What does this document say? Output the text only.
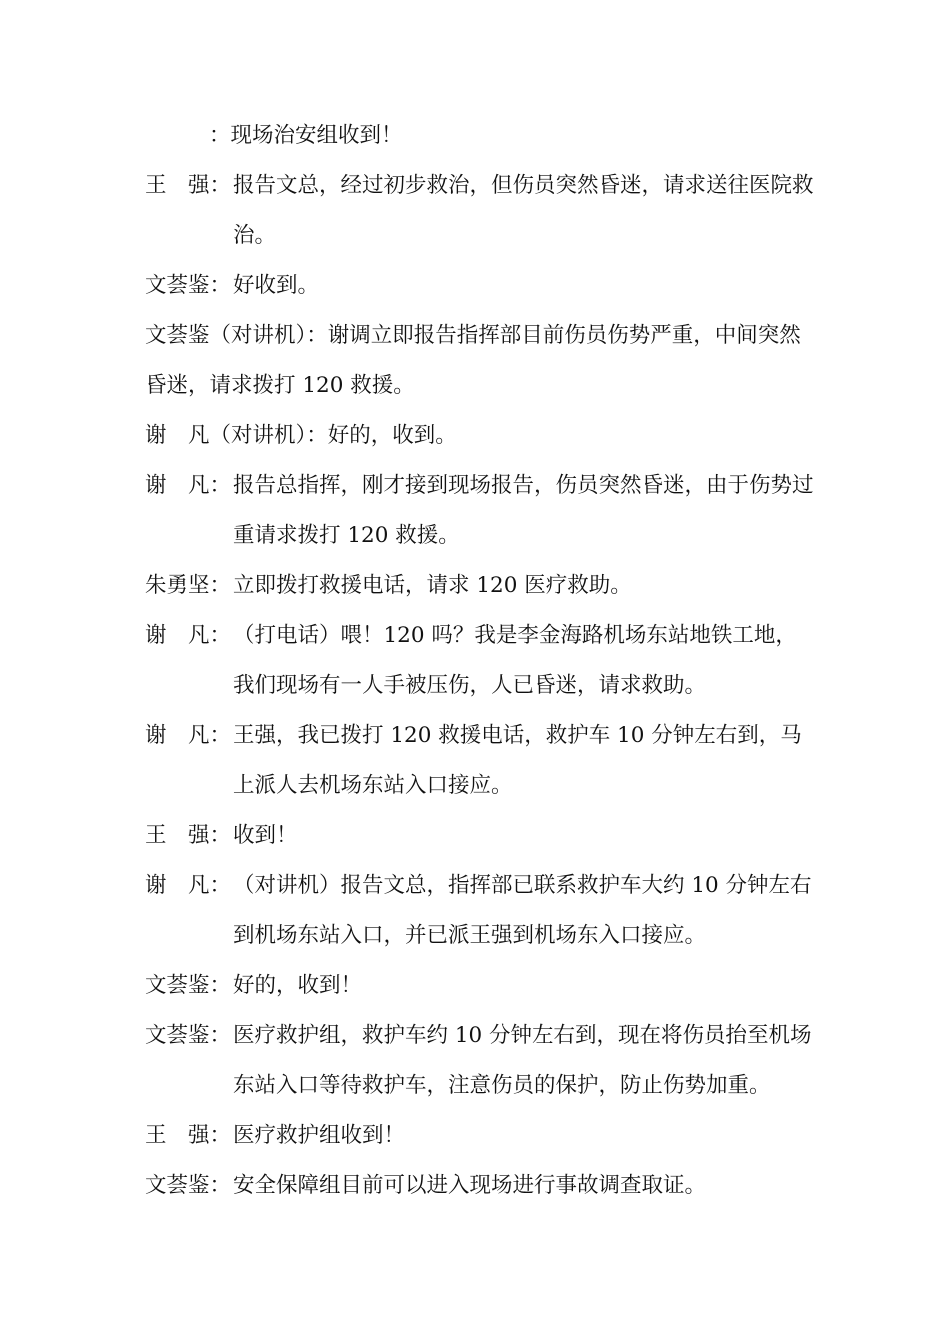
：现场治安组收到！
王　强： 报告文总，经过初步救治，但伤员突然昏迷，请求送往医院救治。
文荟鉴： 好收到。
文荟鉴（对讲机）：谢调立即报告指挥部目前伤员伤势严重，中间突然昏迷，请求拨打 120 救援。
谢　凡（对讲机）：好的，收到。
谢　凡： 报告总指挥，刚才接到现场报告，伤员突然昏迷，由于伤势过重请求拨打 120 救援。
朱勇坚： 立即拨打救援电话，请求 120 医疗救助。
谢　凡： （打电话）喂！120 吗？我是李金海路机场东站地铁工地，我们现场有一人手被压伤，人已昏迷，请求救助。
谢　凡： 王强，我已拨打 120 救援电话，救护车 10 分钟左右到，马上派人去机场东站入口接应。
王　强： 收到！
谢　凡： （对讲机）报告文总，指挥部已联系救护车大约 10 分钟左右到机场东站入口，并已派王强到机场东入口接应。
文荟鉴： 好的，收到！
文荟鉴： 医疗救护组，救护车约 10 分钟左右到，现在将伤员抬至机场东站入口等待救护车，注意伤员的保护，防止伤势加重。
王　强： 医疗救护组收到！
文荟鉴： 安全保障组目前可以进入现场进行事故调查取证。
